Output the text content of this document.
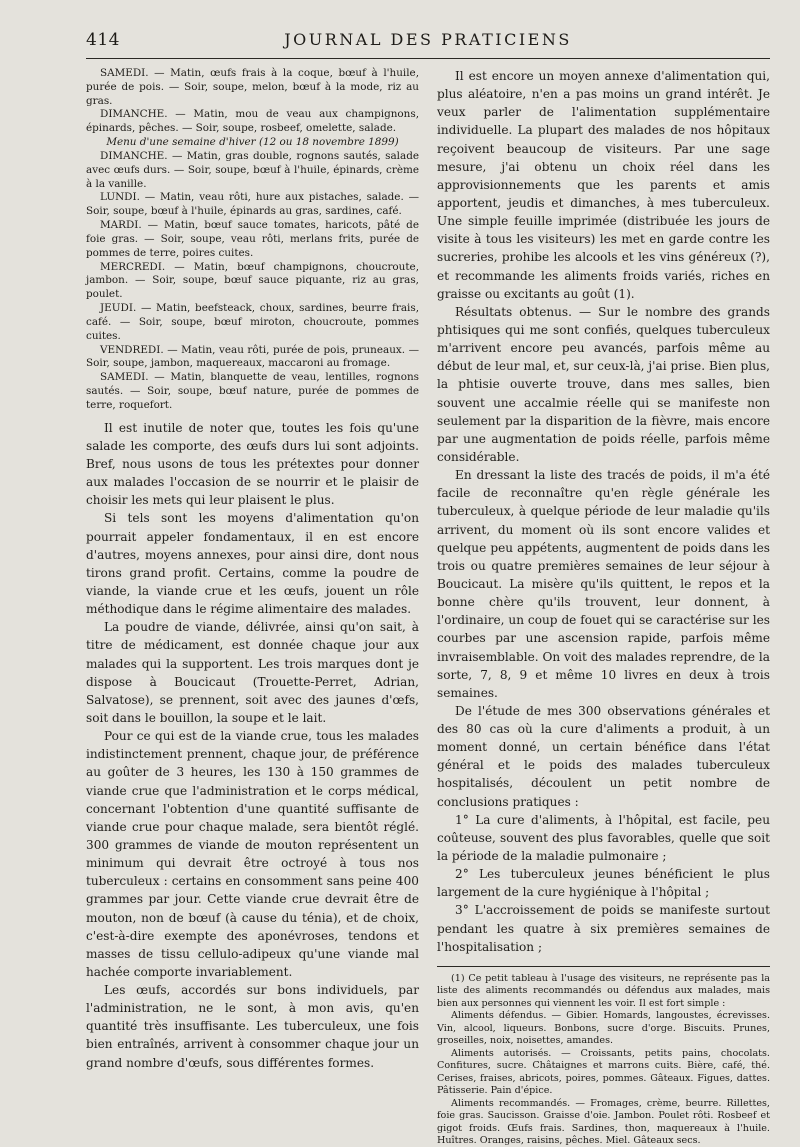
414	JOURNAL DES PRATICIENS

SAMEDI. — Matin, œufs frais à la coque, bœuf à l'huile, purée de pois. — Soir, soupe, melon, bœuf à la mode, riz au gras.

DIMANCHE. — Matin, mou de veau aux champignons, épinards, pêches. — Soir, soupe, rosbeef, omelette, salade.

Menu d'une semaine d'hiver (12 ou 18 novembre 1899)

DIMANCHE. — Matin, gras double, rognons sautés, salade avec œufs durs. — Soir, soupe, bœuf à l'huile, épinards, crème à la vanille.

LUNDI. — Matin, veau rôti, hure aux pistaches, salade. — Soir, soupe, bœuf à l'huile, épinards au gras, sardines, café.

MARDI. — Matin, bœuf sauce tomates, haricots, pâté de foie gras. — Soir, soupe, veau rôti, merlans frits, purée de pommes de terre, poires cuites.

MERCREDI. — Matin, bœuf champignons, choucroute, jambon. — Soir, soupe, bœuf sauce piquante, riz au gras, poulet.

JEUDI. — Matin, beefsteack, choux, sardines, beurre frais, café. — Soir, soupe, bœuf miroton, choucroute, pommes cuites.

VENDREDI. — Matin, veau rôti, purée de pois, pruneaux. — Soir, soupe, jambon, maquereaux, maccaroni au fromage.

SAMEDI. — Matin, blanquette de veau, lentilles, rognons sautés. — Soir, soupe, bœuf nature, purée de pommes de terre, roquefort.

Il est inutile de noter que, toutes les fois qu'une salade les comporte, des œufs durs lui sont adjoints. Bref, nous usons de tous les prétextes pour donner aux malades l'occasion de se nourrir et le plaisir de choisir les mets qui leur plaisent le plus.

Si tels sont les moyens d'alimentation qu'on pourrait appeler fondamentaux, il en est encore d'autres, moyens annexes, pour ainsi dire, dont nous tirons grand profit. Certains, comme la poudre de viande, la viande crue et les œufs, jouent un rôle méthodique dans le régime alimentaire des malades.

La poudre de viande, délivrée, ainsi qu'on sait, à titre de médicament, est donnée chaque jour aux malades qui la supportent. Les trois marques dont je dispose à Boucicaut (Trouette-Perret, Adrian, Salvatose), se prennent, soit avec des jaunes d'œfs, soit dans le bouillon, la soupe et le lait.

Pour ce qui est de la viande crue, tous les malades indistinctement prennent, chaque jour, de préférence au goûter de 3 heures, les 130 à 150 grammes de viande crue que l'administration et le corps médical, concernant l'obtention d'une quantité suffisante de viande crue pour chaque malade, sera bientôt réglé. 300 grammes de viande de mouton représentent un minimum qui devrait être octroyé à tous nos tuberculeux : certains en consomment sans peine 400 grammes par jour. Cette viande crue devrait être de mouton, non de bœuf (à cause du ténia), et de choix, c'est-à-dire exempte des aponévroses, tendons et masses de tissu cellulo-adipeux qu'une viande mal hachée comporte invariablement.

Les œufs, accordés sur bons individuels, par l'administration, ne le sont, à mon avis, qu'en quantité très insuffisante. Les tuberculeux, une fois bien entraînés, arrivent à consommer chaque jour un grand nombre d'œufs, sous différentes formes.

Il est encore un moyen annexe d'alimentation qui, plus aléatoire, n'en a pas moins un grand intérêt. Je veux parler de l'alimentation supplémentaire individuelle. La plupart des malades de nos hôpitaux reçoivent beaucoup de visiteurs. Par une sage mesure, j'ai obtenu un choix réel dans les approvisionnements que les parents et amis apportent, jeudis et dimanches, à mes tuberculeux. Une simple feuille imprimée (distribuée les jours de visite à tous les visiteurs) les met en garde contre les sucreries, prohibe les alcools et les vins généreux (?), et recommande les aliments froids variés, riches en graisse ou excitants au goût (1).

Résultats obtenus. — Sur le nombre des grands phtisiques qui me sont confiés, quelques tuberculeux m'arrivent encore peu avancés, parfois même au début de leur mal, et, sur ceux-là, j'ai prise. Bien plus, la phtisie ouverte trouve, dans mes salles, bien souvent une accalmie réelle qui se manifeste non seulement par la disparition de la fièvre, mais encore par une augmentation de poids réelle, parfois même considérable.

En dressant la liste des tracés de poids, il m'a été facile de reconnaître qu'en règle générale les tuberculeux, à quelque période de leur maladie qu'ils arrivent, du moment où ils sont encore valides et quelque peu appétents, augmentent de poids dans les trois ou quatre premières semaines de leur séjour à Boucicaut. La misère qu'ils quittent, le repos et la bonne chère qu'ils trouvent, leur donnent, à l'ordinaire, un coup de fouet qui se caractérise sur les courbes par une ascension rapide, parfois même invraisemblable. On voit des malades reprendre, de la sorte, 7, 8, 9 et même 10 livres en deux à trois semaines.

De l'étude de mes 300 observations générales et des 80 cas où la cure d'aliments a produit, à un moment donné, un certain bénéfice dans l'état général et le poids des malades tuberculeux hospitalisés, découlent un petit nombre de conclusions pratiques :

1° La cure d'aliments, à l'hôpital, est facile, peu coûteuse, souvent des plus favorables, quelle que soit la période de la maladie pulmonaire ;

2° Les tuberculeux jeunes bénéficient le plus largement de la cure hygiénique à l'hôpital ;

3° L'accroissement de poids se manifeste surtout pendant les quatre à six premières semaines de l'hospitalisation ;

(1) Ce petit tableau à l'usage des visiteurs, ne représente pas la liste des aliments recommandés ou défendus aux malades, mais bien aux personnes qui viennent les voir. Il est fort simple :

Aliments défendus. — Gibier. Homards, langoustes, écrevisses. Vin, alcool, liqueurs. Bonbons, sucre d'orge. Biscuits. Prunes, groseilles, noix, noisettes, amandes.

Aliments autorisés. — Croissants, petits pains, chocolats. Confitures, sucre. Châtaignes et marrons cuits. Bière, café, thé. Cerises, fraises, abricots, poires, pommes. Gâteaux. Figues, dattes. Pâtisserie. Pain d'épice.

Aliments recommandés. — Fromages, crème, beurre. Rillettes, foie gras. Saucisson. Graisse d'oie. Jambon. Poulet rôti. Rosbeef et gigot froids. Œufs frais. Sardines, thon, maquereaux à l'huile. Huîtres. Oranges, raisins, pêches. Miel. Gâteaux secs.
